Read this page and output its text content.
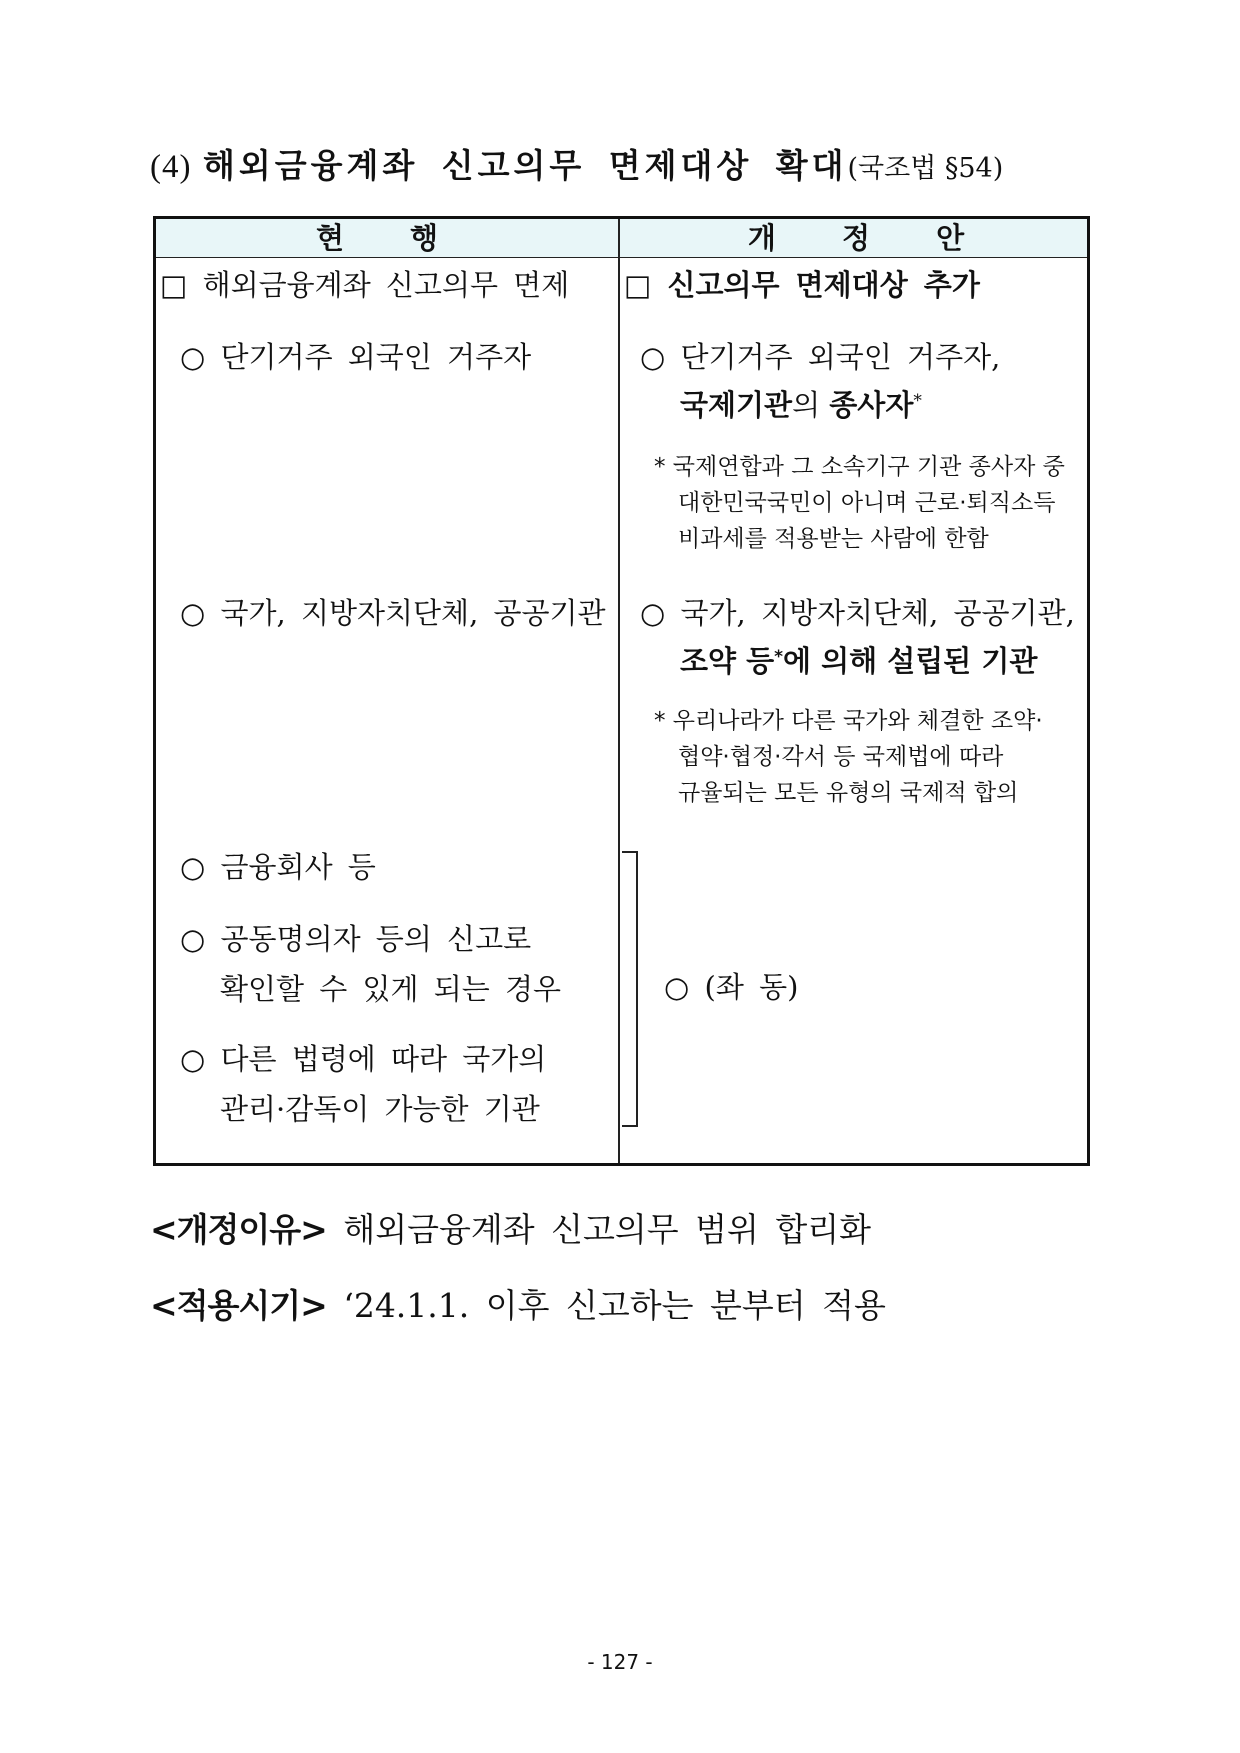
(4) 해외금융계좌 신고의무 면제대상 확대(국조법 §54)
현 행	개 정 안
□ 해외금융계좌 신고의무 면제
○ 단기거주 외국인 거주자
○ 국가, 지방자치단체, 공공기관
○ 금융회사 등
○ 공동명의자 등의 신고로
확인할 수 있게 되는 경우
○ 다른 법령에 따라 국가의
관리·감독이 가능한 기관
□ 신고의무 면제대상 추가
○ 단기거주 외국인 거주자,
국제기관의 종사자*
* 국제연합과 그 소속기구 기관 종사자 중
대한민국국민이 아니며 근로·퇴직소득
비과세를 적용받는 사람에 한함
○ 국가, 지방자치단체, 공공기관,
조약 등*에 의해 설립된 기관
* 우리나라가 다른 국가와 체결한 조약·
협약·협정·각서 등 국제법에 따라
규율되는 모든 유형의 국제적 합의
○ (좌 동)
<개정이유> 해외금융계좌 신고의무 범위 합리화
<적용시기> ‘24.1.1. 이후 신고하는 분부터 적용
- 127 -
